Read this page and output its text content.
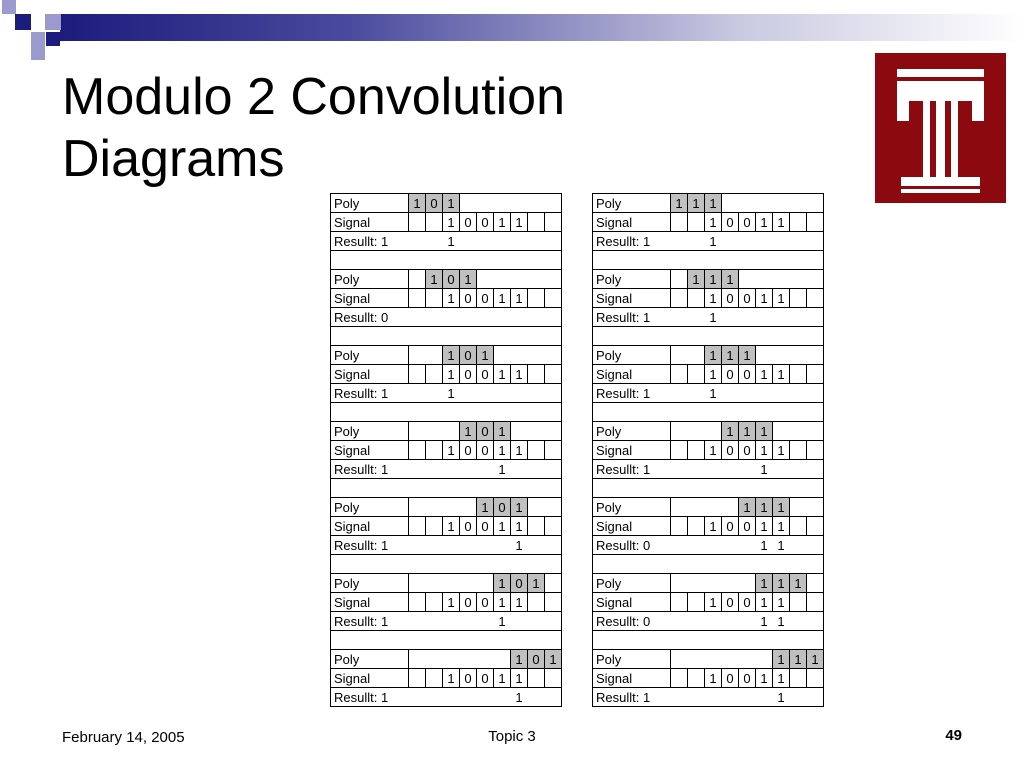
Modulo 2 Convolution
Diagrams
Poly	1	0	1						
Signal			1	0	0	1	1		
Resullt: 1			1						

Poly		1	0	1					
Signal			1	0	0	1	1		
Resullt: 0									

Poly			1	0	1				
Signal			1	0	0	1	1		
Resullt: 1			1						

Poly				1	0	1			
Signal			1	0	0	1	1		
Resullt: 1						1			

Poly					1	0	1		
Signal			1	0	0	1	1		
Resullt: 1							1		

Poly						1	0	1	
Signal			1	0	0	1	1		
Resullt: 1						1			

Poly							1	0	1
Signal			1	0	0	1	1		
Resullt: 1							1		
Poly	1	1	1						
Signal			1	0	0	1	1		
Resullt: 1			1						

Poly		1	1	1					
Signal			1	0	0	1	1		
Resullt: 1			1						

Poly			1	1	1				
Signal			1	0	0	1	1		
Resullt: 1			1						

Poly				1	1	1			
Signal			1	0	0	1	1		
Resullt: 1						1			

Poly					1	1	1		
Signal			1	0	0	1	1		
Resullt: 0						1	1		

Poly						1	1	1	
Signal			1	0	0	1	1		
Resullt: 0						1	1		

Poly							1	1	1
Signal			1	0	0	1	1		
Resullt: 1							1		
February 14, 2005	Topic 3	49
